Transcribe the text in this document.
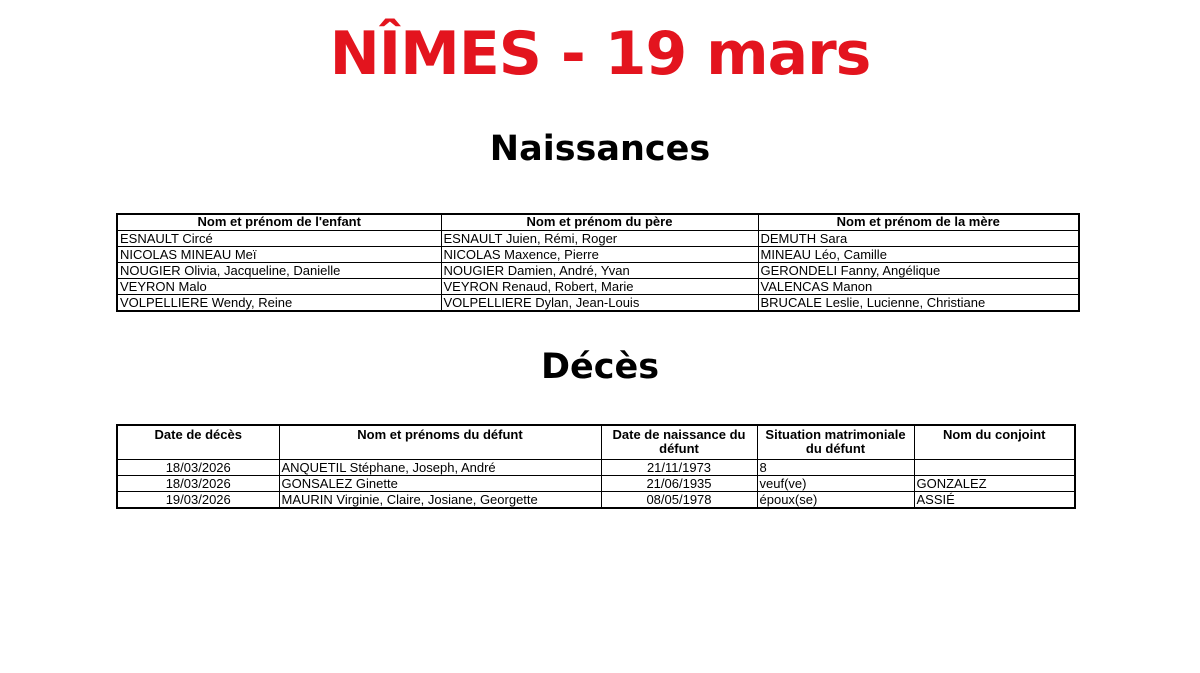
NÎMES - 19 mars
Naissances
Nom et prénom de l'enfant	Nom et prénom du père	Nom et prénom de la mère
ESNAULT Circé	ESNAULT Juien, Rémi, Roger	DEMUTH Sara
NICOLAS MINEAU Meï	NICOLAS Maxence, Pierre	MINEAU Léo, Camille
NOUGIER Olivia, Jacqueline, Danielle	NOUGIER Damien, André, Yvan	GERONDELI Fanny, Angélique
VEYRON Malo	VEYRON Renaud, Robert, Marie	VALENCAS Manon
VOLPELLIERE Wendy, Reine	VOLPELLIERE Dylan, Jean-Louis	BRUCALE Leslie, Lucienne, Christiane
Décès
Date de décès	Nom et prénoms du défunt	Date de naissance du défunt	Situation matrimoniale du défunt	Nom du conjoint
18/03/2026	ANQUETIL Stéphane, Joseph, André	21/11/1973	8	
18/03/2026	GONSALEZ Ginette	21/06/1935	veuf(ve)	GONZALEZ
19/03/2026	MAURIN Virginie, Claire, Josiane, Georgette	08/05/1978	époux(se)	ASSIÉ
